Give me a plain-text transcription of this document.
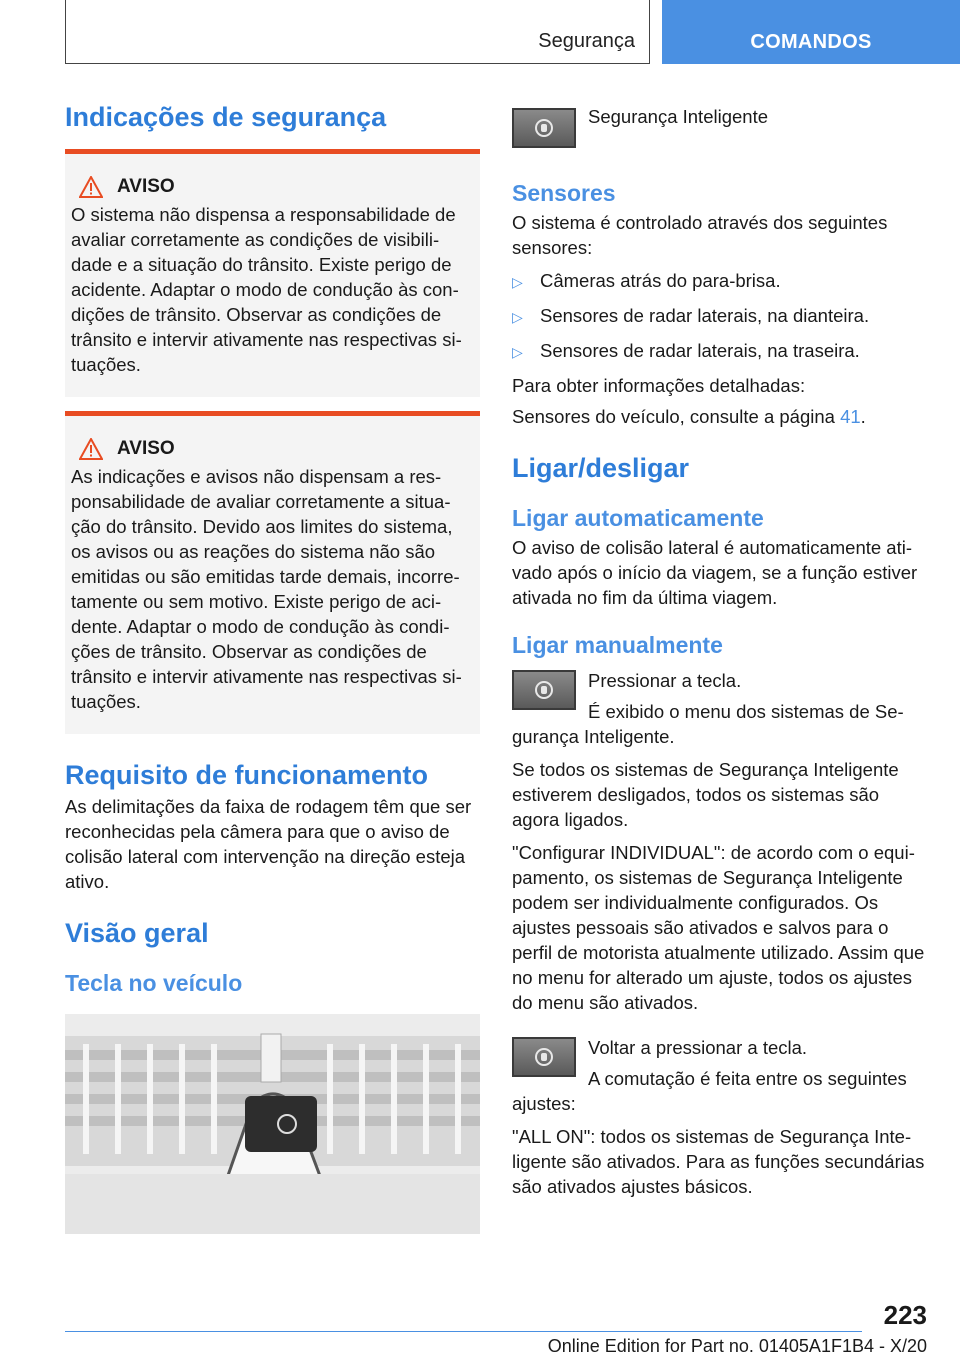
Segurança	COMANDOS
Indicações de segurança
AVISO

O sistema não dispensa a responsabilidade de avaliar corretamente as condições de visibilidade e a situação do trânsito. Existe perigo de acidente. Adaptar o modo de condução às condições de trânsito. Observar as condições de trânsito e intervir ativamente nas respectivas situações.

AVISO

As indicações e avisos não dispensam a responsabilidade de avaliar corretamente a situação do trânsito. Devido aos limites do sistema, os avisos ou as reações do sistema não são emitidas ou são emitidas tarde demais, incorretamente ou sem motivo. Existe perigo de acidente. Adaptar o modo de condução às condições de trânsito. Observar as condições de trânsito e intervir ativamente nas respectivas situações.

Requisito de funcionamento

As delimitações da faixa de rodagem têm que ser reconhecidas pela câmera para que o aviso de colisão lateral com intervenção na direção esteja ativo.

Visão geral
Tecla no veículo

Segurança Inteligente

Sensores

O sistema é controlado através dos seguintes sensores:

▷ Câmeras atrás do para-brisa.
▷ Sensores de radar laterais, na dianteira.
▷ Sensores de radar laterais, na traseira.

Para obter informações detalhadas:

Sensores do veículo, consulte a página 41.

Ligar/desligar
Ligar automaticamente

O aviso de colisão lateral é automaticamente ativado após o início da viagem, se a função estiver ativada no fim da última viagem.

Ligar manualmente

Pressionar a tecla.

É exibido o menu dos sistemas de Segurança Inteligente.

Se todos os sistemas de Segurança Inteligente estiverem desligados, todos os sistemas são agora ligados.

"Configurar INDIVIDUAL": de acordo com o equipamento, os sistemas de Segurança Inteligente podem ser individualmente configurados. Os ajustes pessoais são ativados e salvos para o perfil de motorista atualmente utilizado. Assim que no menu for alterado um ajuste, todos os ajustes do menu são ativados.

Voltar a pressionar a tecla.

A comutação é feita entre os seguintes ajustes:

"ALL ON": todos os sistemas de Segurança Inteligente são ativados. Para as funções secundárias são ativados ajustes básicos.

223
Online Edition for Part no. 01405A1F1B4 - X/20
